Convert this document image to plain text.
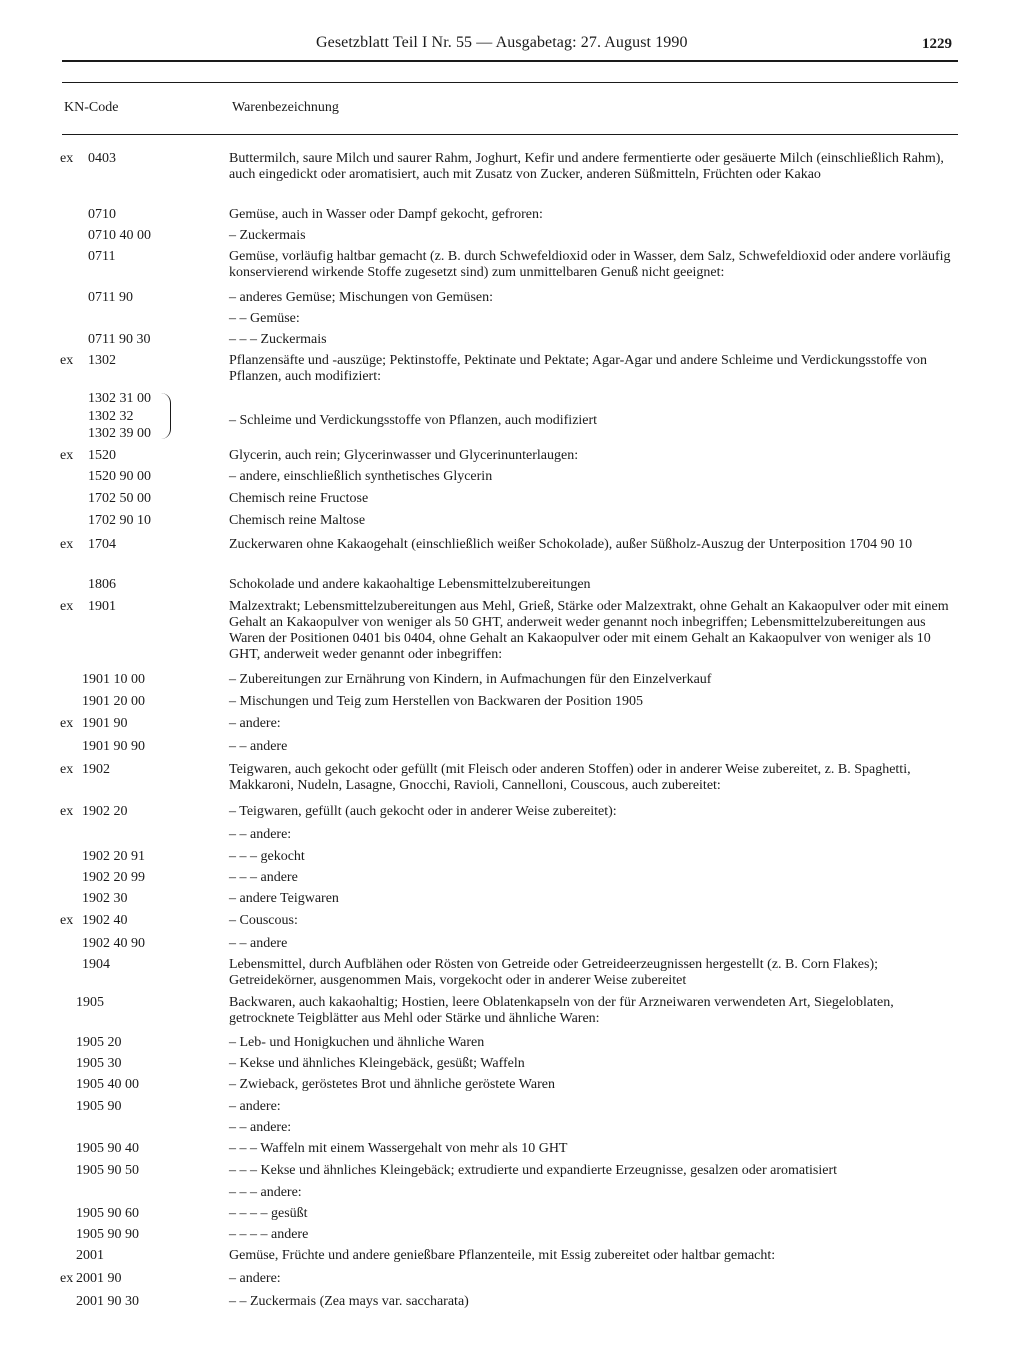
Gesetzblatt Teil I Nr. 55 — Ausgabetag: 27. August 1990	1229
KN-Code	Warenbezeichnung
ex 0403	Buttermilch, saure Milch und saurer Rahm, Joghurt, Kefir und andere fermentierte oder gesäuerte Milch (einschließlich Rahm), auch eingedickt oder aromatisiert, auch mit Zusatz von Zucker, anderen Süßmitteln, Früchten oder Kakao
0710	Gemüse, auch in Wasser oder Dampf gekocht, gefroren:
0710 40 00	– Zuckermais
0711	Gemüse, vorläufig haltbar gemacht (z. B. durch Schwefeldioxid oder in Wasser, dem Salz, Schwefeldioxid oder andere vorläufig konservierend wirkende Stoffe zugesetzt sind) zum unmittelbaren Genuß nicht geeignet:
0711 90	– anderes Gemüse; Mischungen von Gemüsen:
– – Gemüse:
0711 90 30	– – – Zuckermais
ex 1302	Pflanzensäfte und -auszüge; Pektinstoffe, Pektinate und Pektate; Agar-Agar und andere Schleime und Verdickungsstoffe von Pflanzen, auch modifiziert:
1302 31 00
1302 32	– Schleime und Verdickungsstoffe von Pflanzen, auch modifiziert
1302 39 00
ex 1520	Glycerin, auch rein; Glycerinwasser und Glycerinunterlaugen:
1520 90 00	– andere, einschließlich synthetisches Glycerin
1702 50 00	Chemisch reine Fructose
1702 90 10	Chemisch reine Maltose
ex 1704	Zuckerwaren ohne Kakaogehalt (einschließlich weißer Schokolade), außer Süßholz-Auszug der Unterposition 1704 90 10
1806	Schokolade und andere kakaohaltige Lebensmittelzubereitungen
ex 1901	Malzextrakt; Lebensmittelzubereitungen aus Mehl, Grieß, Stärke oder Malzextrakt, ohne Gehalt an Kakaopulver oder mit einem Gehalt an Kakaopulver von weniger als 50 GHT, anderweit weder genannt noch inbegriffen; Lebensmittelzubereitungen aus Waren der Positionen 0401 bis 0404, ohne Gehalt an Kakaopulver oder mit einem Gehalt an Kakaopulver von weniger als 10 GHT, anderweit weder genannt oder inbegriffen:
1901 10 00	– Zubereitungen zur Ernährung von Kindern, in Aufmachungen für den Einzelverkauf
1901 20 00	– Mischungen und Teig zum Herstellen von Backwaren der Position 1905
ex 1901 90	– andere:
1901 90 90	– – andere
ex 1902	Teigwaren, auch gekocht oder gefüllt (mit Fleisch oder anderen Stoffen) oder in anderer Weise zubereitet, z. B. Spaghetti, Makkaroni, Nudeln, Lasagne, Gnocchi, Ravioli, Cannelloni, Couscous, auch zubereitet:
ex 1902 20	– Teigwaren, gefüllt (auch gekocht oder in anderer Weise zubereitet):
– – andere:
1902 20 91	– – – gekocht
1902 20 99	– – – andere
1902 30	– andere Teigwaren
ex 1902 40	– Couscous:
1902 40 90	– – andere
1904	Lebensmittel, durch Aufblähen oder Rösten von Getreide oder Getreideerzeugnissen hergestellt (z. B. Corn Flakes); Getreidekörner, ausgenommen Mais, vorgekocht oder in anderer Weise zubereitet
1905	Backwaren, auch kakaohaltig; Hostien, leere Oblatenkapseln von der für Arzneiwaren verwendeten Art, Siegeloblaten, getrocknete Teigblätter aus Mehl oder Stärke und ähnliche Waren:
1905 20	– Leb- und Honigkuchen und ähnliche Waren
1905 30	– Kekse und ähnliches Kleingebäck, gesüßt; Waffeln
1905 40 00	– Zwieback, geröstetes Brot und ähnliche geröstete Waren
1905 90	– andere:
– – andere:
1905 90 40	– – – Waffeln mit einem Wassergehalt von mehr als 10 GHT
1905 90 50	– – – Kekse und ähnliches Kleingebäck; extrudierte und expandierte Erzeugnisse, gesalzen oder aromatisiert
– – – andere:
1905 90 60	– – – – gesüßt
1905 90 90	– – – – andere
2001	Gemüse, Früchte und andere genießbare Pflanzenteile, mit Essig zubereitet oder haltbar gemacht:
ex 2001 90	– andere:
2001 90 30	– – Zuckermais (Zea mays var. saccharata)
